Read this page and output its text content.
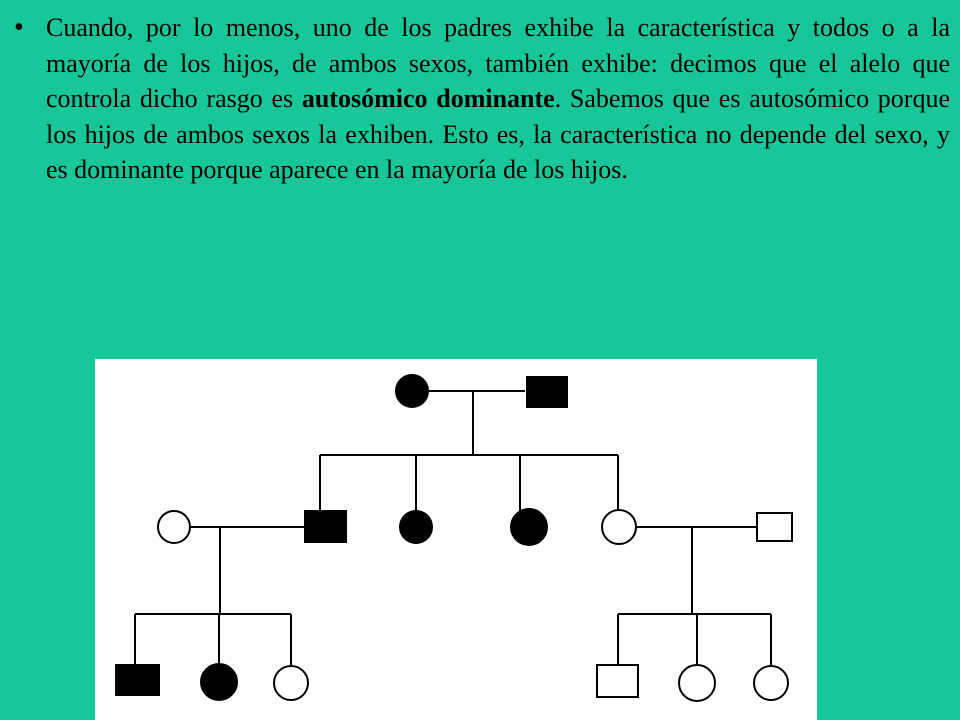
• Cuando, por lo menos, uno de los padres exhibe la característica y todos o a la mayoría de los hijos, de ambos sexos, también exhibe: decimos que el alelo que controla dicho rasgo es autosómico dominante. Sabemos que es autosómico porque los hijos de ambos sexos la exhiben. Esto es, la característica no depende del sexo, y es dominante porque aparece en la mayoría de los hijos.
